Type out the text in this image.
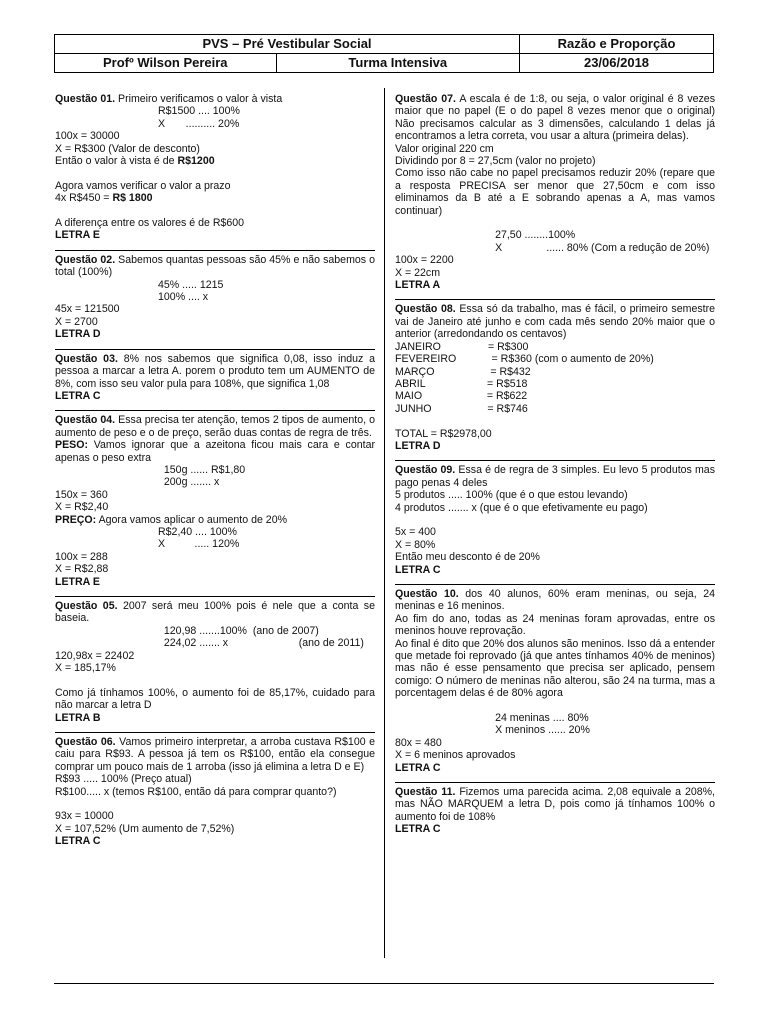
PVS – Pré Vestibular Social		Razão e Proporção
Profº Wilson Pereira	Turma Intensiva	23/06/2018
Questão 01. Primeiro verificamos o valor à vista
R$1500 .... 100%
X       .......... 20%
100x = 30000
X = R$300 (Valor de desconto)
Então o valor à vista é de R$1200
Agora vamos verificar o valor a prazo
4x R$450 = R$ 1800
A diferença entre os valores é de R$600
LETRA E
Questão 02. Sabemos quantas pessoas são 45% e não sabemos o total (100%)
45% ..... 1215
100% .... x
45x = 121500
X = 2700
LETRA D
Questão 03. 8% nos sabemos que significa 0,08, isso induz a pessoa a marcar a letra A. porem o produto tem um AUMENTO de 8%, com isso seu valor pula para 108%, que significa 1,08
LETRA C
Questão 04. Essa precisa ter atenção, temos 2 tipos de aumento, o aumento de peso e o de preço, serão duas contas de regra de três.
PESO: Vamos ignorar que a azeitona ficou mais cara e contar apenas o peso extra
150g ...... R$1,80
200g ....... x
150x = 360
X = R$2,40
PREÇO: Agora vamos aplicar o aumento de 20%
R$2,40 .... 100%
X          ..... 120%
100x = 288
X = R$2,88
LETRA E
Questão 05. 2007 será meu 100% pois é nele que a conta se baseia.
120,98 .......100%  (ano de 2007)
224,02 ....... x                        (ano de 2011)
120,98x = 22402
X = 185,17%
Como já tínhamos 100%, o aumento foi de 85,17%, cuidado para não marcar a letra D
LETRA B
Questão 06. Vamos primeiro interpretar, a arroba custava R$100 e caiu para R$93. A pessoa já tem os R$100, então ela consegue comprar um pouco mais de 1 arroba (isso já elimina a letra D e E)
R$93 ..... 100% (Preço atual)
R$100..... x (temos R$100, então dá para comprar quanto?)
93x = 10000
X = 107,52% (Um aumento de 7,52%)
LETRA C
Questão 07. A escala é de 1:8, ou seja, o valor original é 8 vezes maior que no papel (E o do papel 8 vezes menor que o original) Não precisamos calcular as 3 dimensões, calculando 1 delas já encontramos a letra correta, vou usar a altura (primeira delas).
Valor original 220 cm
Dividindo por 8 = 27,5cm (valor no projeto)
Como isso não cabe no papel precisamos reduzir 20% (repare que a resposta PRECISA ser menor que 27,50cm e com isso eliminamos da B até a E sobrando apenas a A, mas vamos continuar)
27,50 ........100%
X               ...... 80% (Com a redução de 20%)
100x = 2200
X = 22cm
LETRA A
Questão 08. Essa só da trabalho, mas é fácil, o primeiro semestre vai de Janeiro até junho e com cada mês sendo 20% maior que o anterior (arredondando os centavos)
JANEIRO                = R$300
FEVEREIRO            = R$360 (com o aumento de 20%)
MARÇO                   = R$432
ABRIL                     = R$518
MAIO                      = R$622
JUNHO                   = R$746
TOTAL = R$2978,00
LETRA D
Questão 09. Essa é de regra de 3 simples. Eu levo 5 produtos mas pago penas 4 deles
5 produtos ..... 100% (que é o que estou levando)
4 produtos ....... x (que é o que efetivamente eu pago)
5x = 400
X = 80%
Então meu desconto é de 20%
LETRA C
Questão 10. dos 40 alunos, 60% eram meninas, ou seja, 24 meninas e 16 meninos.
Ao fim do ano, todas as 24 meninas foram aprovadas, entre os meninos houve reprovação.
Ao final é dito que 20% dos alunos são meninos. Isso dá a entender que metade foi reprovado (já que antes tínhamos 40% de meninos) mas não é esse pensamento que precisa ser aplicado, pensem comigo: O número de meninas não alterou, são 24 na turma, mas a porcentagem delas é de 80% agora
24 meninas .... 80%
X meninos ...... 20%
80x = 480
X = 6 meninos aprovados
LETRA C
Questão 11. Fizemos uma parecida acima. 2,08 equivale a 208%, mas NÃO MARQUEM a letra D, pois como já tínhamos 100% o aumento foi de 108%
LETRA C
